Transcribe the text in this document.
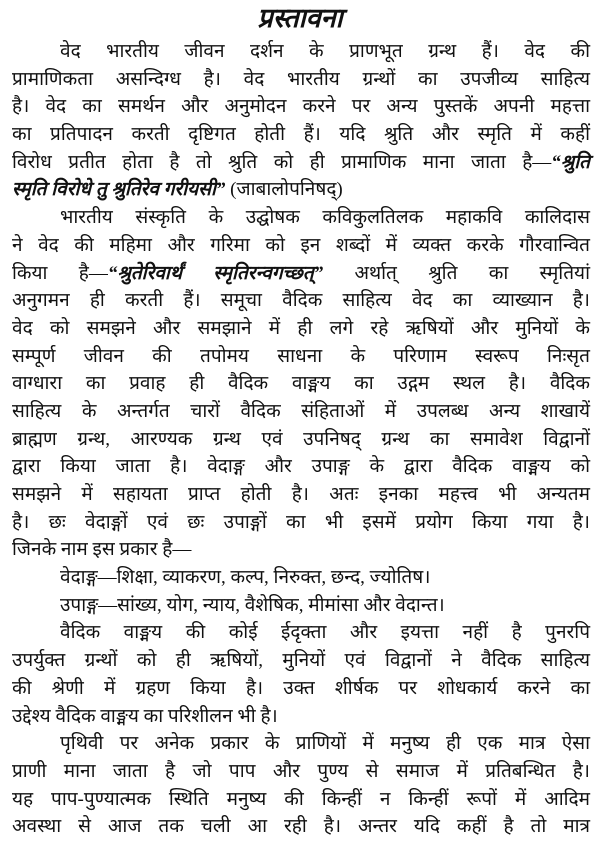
प्रस्तावना
वेद भारतीय जीवन दर्शन के प्राणभूत ग्रन्थ हैं। वेद की
प्रामाणिकता असन्दिग्ध है। वेद भारतीय ग्रन्थों का उपजीव्य साहित्य
है। वेद का समर्थन और अनुमोदन करने पर अन्य पुस्तकें अपनी महत्ता
का प्रतिपादन करती दृष्टिगत होती हैं। यदि श्रुति और स्मृति में कहीं
विरोध प्रतीत होता है तो श्रुति को ही प्रामाणिक माना जाता है—“श्रुति
स्मृति विरोधे तु श्रुतिरेव गरीयसी” (जाबालोपनिषद्)
भारतीय संस्कृति के उद्घोषक कविकुलतिलक महाकवि कालिदास
ने वेद की महिमा और गरिमा को इन शब्दों में व्यक्त करके गौरवान्वित
किया है—“श्रुतेरिवार्थं स्मृतिरन्वगच्छत्” अर्थात् श्रुति का स्मृतियां
अनुगमन ही करती हैं। समूचा वैदिक साहित्य वेद का व्याख्यान है।
वेद को समझने और समझाने में ही लगे रहे ऋषियों और मुनियों के
सम्पूर्ण जीवन की तपोमय साधना के परिणाम स्वरूप निःसृत
वाग्धारा का प्रवाह ही वैदिक वाङ्मय का उद्गम स्थल है। वैदिक
साहित्य के अन्तर्गत चारों वैदिक संहिताओं में उपलब्ध अन्य शाखायें
ब्राह्मण ग्रन्थ, आरण्यक ग्रन्थ एवं उपनिषद् ग्रन्थ का समावेश विद्वानों
द्वारा किया जाता है। वेदाङ्ग और उपाङ्ग के द्वारा वैदिक वाङ्मय को
समझने में सहायता प्राप्त होती है। अतः इनका महत्त्व भी अन्यतम
है। छः वेदाङ्गों एवं छः उपाङ्गों का भी इसमें प्रयोग किया गया है।
जिनके नाम इस प्रकार है—
वेदाङ्ग—शिक्षा, व्याकरण, कल्प, निरुक्त, छन्द, ज्योतिष।
उपाङ्ग—सांख्य, योग, न्याय, वैशेषिक, मीमांसा और वेदान्त।
वैदिक वाङ्मय की कोई ईदृक्ता और इयत्ता नहीं है पुनरपि
उपर्युक्त ग्रन्थों को ही ऋषियों, मुनियों एवं विद्वानों ने वैदिक साहित्य
की श्रेणी में ग्रहण किया है। उक्त शीर्षक पर शोधकार्य करने का
उद्देश्य वैदिक वाङ्मय का परिशीलन भी है।
पृथिवी पर अनेक प्रकार के प्राणियों में मनुष्य ही एक मात्र ऐसा
प्राणी माना जाता है जो पाप और पुण्य से समाज में प्रतिबन्धित है।
यह पाप-पुण्यात्मक स्थिति मनुष्य की किन्हीं न किन्हीं रूपों में आदिम
अवस्था से आज तक चली आ रही है। अन्तर यदि कहीं है तो मात्र
